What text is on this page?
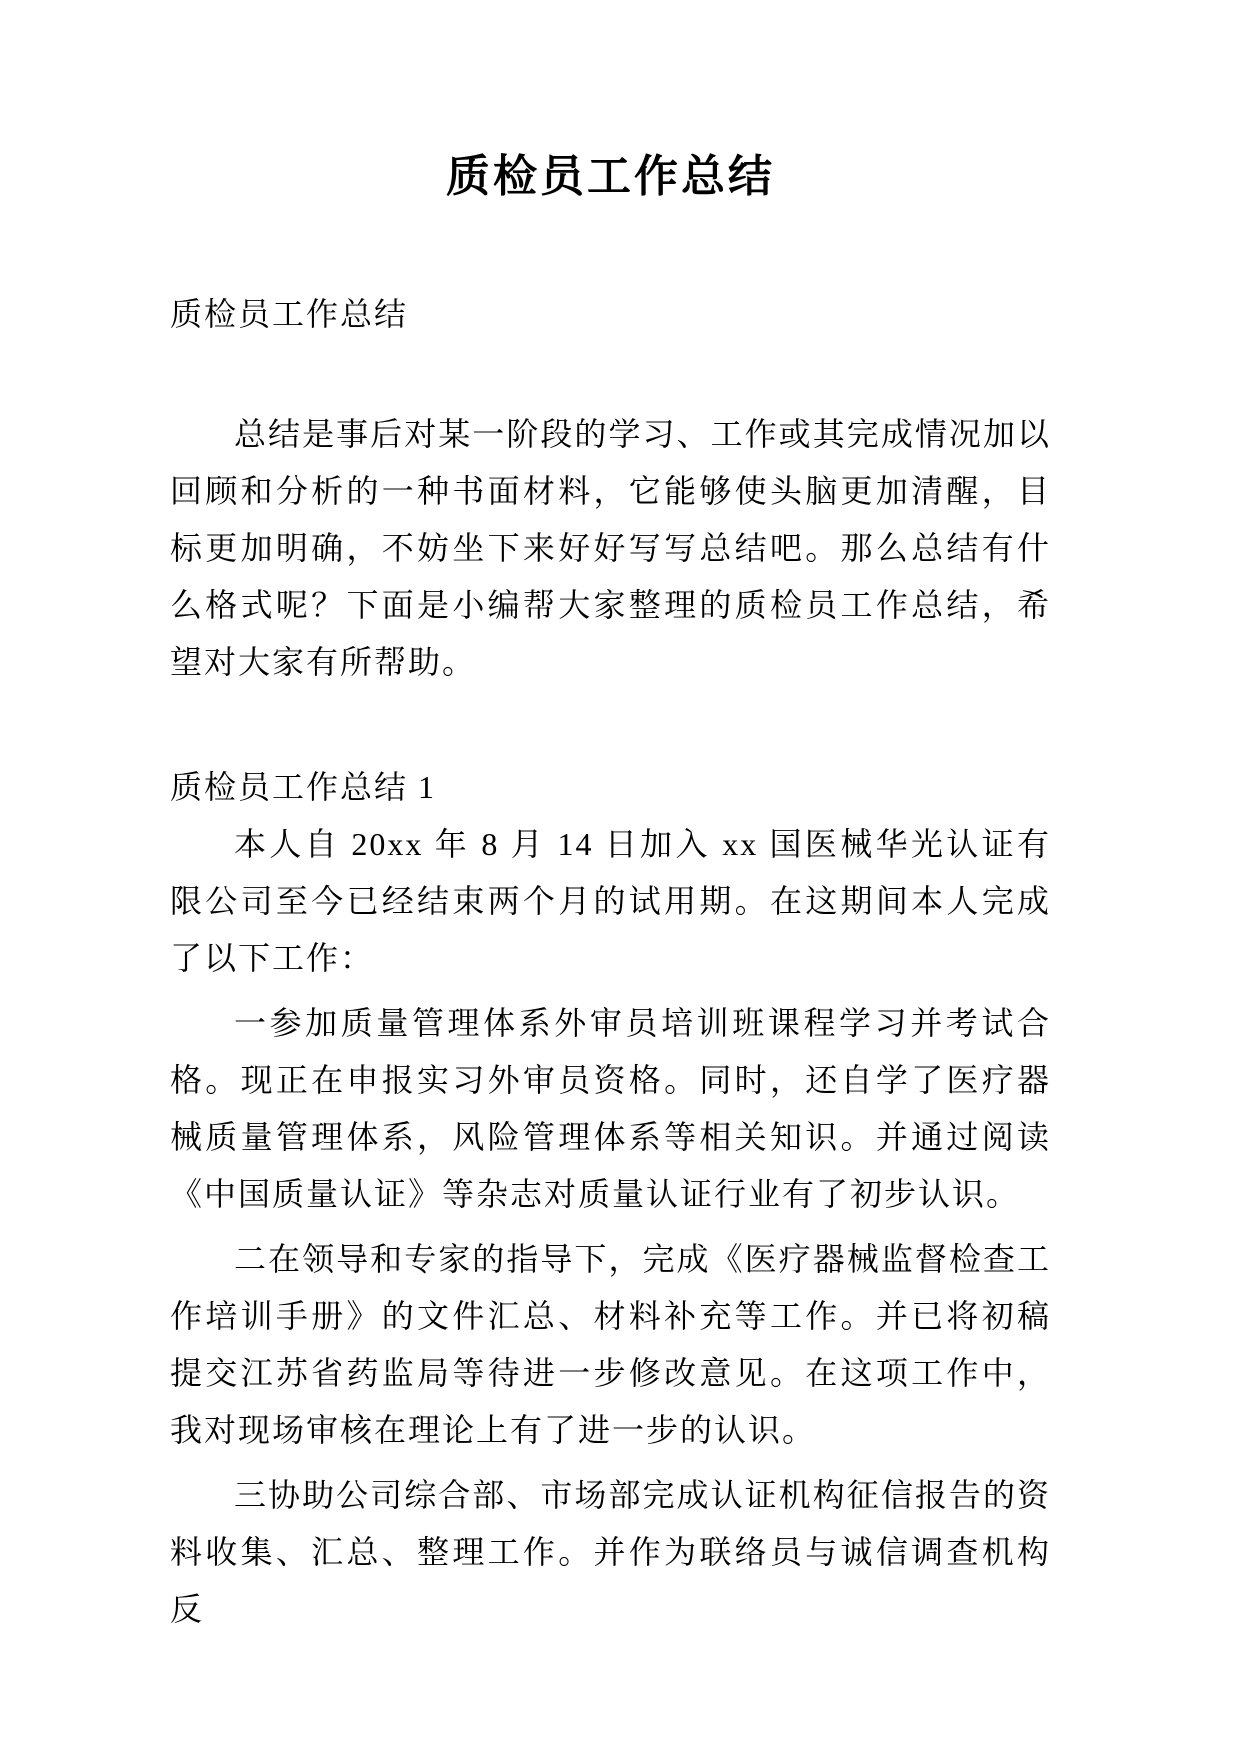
质检员工作总结

质检员工作总结

总结是事后对某一阶段的学习、工作或其完成情况加以回顾和分析的一种书面材料，它能够使头脑更加清醒，目标更加明确，不妨坐下来好好写写总结吧。那么总结有什么格式呢？下面是小编帮大家整理的质检员工作总结，希望对大家有所帮助。

质检员工作总结 1

本人自 20xx 年 8 月 14 日加入 xx 国医械华光认证有限公司至今已经结束两个月的试用期。在这期间本人完成了以下工作：

一参加质量管理体系外审员培训班课程学习并考试合格。现正在申报实习外审员资格。同时，还自学了医疗器械质量管理体系，风险管理体系等相关知识。并通过阅读《中国质量认证》等杂志对质量认证行业有了初步认识。

二在领导和专家的指导下，完成《医疗器械监督检查工作培训手册》的文件汇总、材料补充等工作。并已将初稿提交江苏省药监局等待进一步修改意见。在这项工作中，我对现场审核在理论上有了进一步的认识。

三协助公司综合部、市场部完成认证机构征信报告的资料收集、汇总、整理工作。并作为联络员与诚信调查机构反
